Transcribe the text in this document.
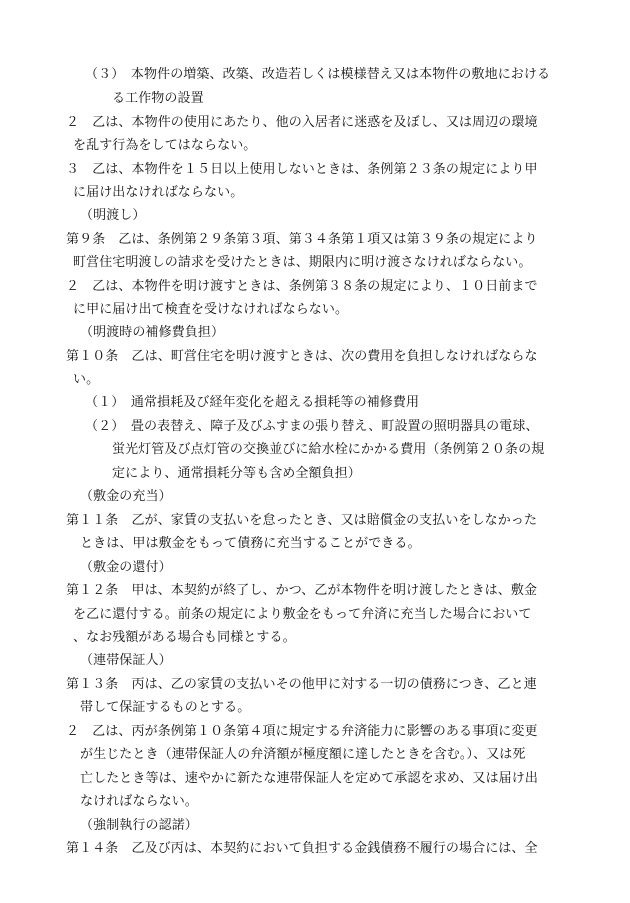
（３）　本物件の増築、改築、改造若しくは模様替え又は本物件の敷地における
る工作物の設置
２　乙は、本物件の使用にあたり、他の入居者に迷惑を及ぼし、又は周辺の環境
を乱す行為をしてはならない。
３　乙は、本物件を１５日以上使用しないときは、条例第２３条の規定により甲
に届け出なければならない。
（明渡し）
第９条　乙は、条例第２９条第３項、第３４条第１項又は第３９条の規定により
町営住宅明渡しの請求を受けたときは、期限内に明け渡さなければならない。
２　乙は、本物件を明け渡すときは、条例第３８条の規定により、１０日前まで
に甲に届け出て検査を受けなければならない。
（明渡時の補修費負担）
第１０条　乙は、町営住宅を明け渡すときは、次の費用を負担しなければならな
い。
（１）　通常損耗及び経年変化を超える損耗等の補修費用
（２）　畳の表替え、障子及びふすまの張り替え、町設置の照明器具の電球、
蛍光灯管及び点灯管の交換並びに給水栓にかかる費用（条例第２０条の規
定により、通常損耗分等も含め全額負担）
（敷金の充当）
第１１条　乙が、家賃の支払いを怠ったとき、又は賠償金の支払いをしなかった
ときは、甲は敷金をもって債務に充当することができる。
（敷金の還付）
第１２条　甲は、本契約が終了し、かつ、乙が本物件を明け渡したときは、敷金
を乙に還付する。前条の規定により敷金をもって弁済に充当した場合において
、なお残額がある場合も同様とする。
（連帯保証人）
第１３条　丙は、乙の家賃の支払いその他甲に対する一切の債務につき、乙と連
帯して保証するものとする。
２　乙は、丙が条例第１０条第４項に規定する弁済能力に影響のある事項に変更
が生じたとき（連帯保証人の弁済額が極度額に達したときを含む。）、又は死
亡したとき等は、速やかに新たな連帯保証人を定めて承認を求め、又は届け出
なければならない。
（強制執行の認諾）
第１４条　乙及び丙は、本契約において負担する金銭債務不履行の場合には、全
